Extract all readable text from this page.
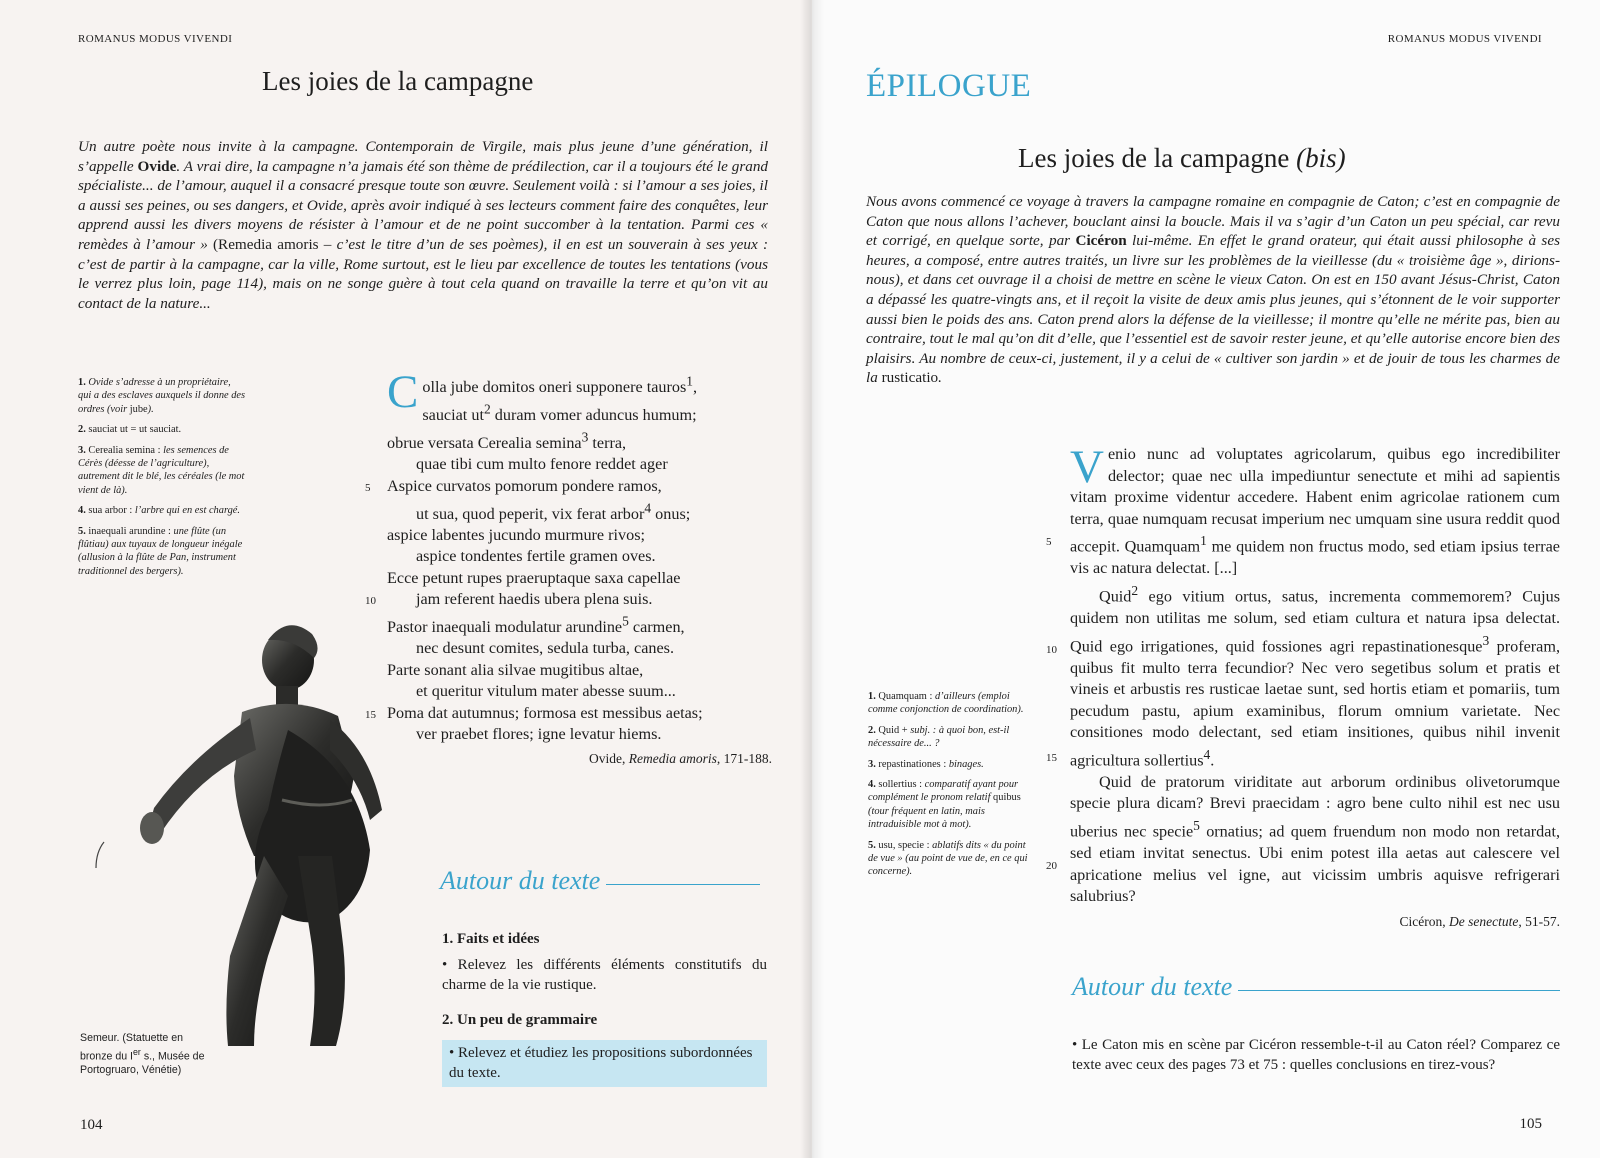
ROMANUS MODUS VIVENDI
Les joies de la campagne

Un autre poète nous invite à la campagne. Contemporain de Virgile, mais plus jeune d’une génération, il s’appelle Ovide. A vrai dire, la campagne n’a jamais été son thème de prédilection, car il a toujours été le grand spécialiste... de l’amour, auquel il a consacré presque toute son œuvre. Seulement voilà : si l’amour a ses joies, il a aussi ses peines, ou ses dangers, et Ovide, après avoir indiqué à ses lecteurs comment faire des conquêtes, leur apprend aussi les divers moyens de résister à l’amour et de ne point succomber à la tentation. Parmi ces « remèdes à l’amour » (Remedia amoris – c’est le titre d’un de ses poèmes), il en est un souverain à ses yeux : c’est de partir à la campagne, car la ville, Rome surtout, est le lieu par excellence de toutes les tentations (vous le verrez plus loin, page 114), mais on ne songe guère à tout cela quand on travaille la terre et qu’on vit au contact de la nature...

1. Ovide s’adresse à un propriétaire, qui a des esclaves auxquels il donne des ordres (voir jube).
2. sauciat ut = ut sauciat.
3. Cerealia semina : les semences de Cérès (déesse de l’agriculture), autrement dit le blé, les céréales (le mot vient de là).
4. sua arbor : l’arbre qui en est chargé.
5. inaequali arundine : une flûte (un flûtiau) aux tuyaux de longueur inégale (allusion à la flûte de Pan, instrument traditionnel des bergers).
C olla jube domitos oneri supponere tauros$^1$,
sauciat $ut^2$ duram vomer aduncus humum;
obrue versata Cerealia semina$^3$ terra,
quae tibi cum multo fenore reddet ager
5 Aspice curvatos pomorum pondere ramos,
ut sua, quod peperit, vix ferat arbor$^4$ onus;
aspice labentes jucundo murmure rivos;
aspice tondentes fertile gramen oves.
Ecce petunt rupes praeruptaque saxa capellae
10 jam referent haedis ubera plena suis.
Pastor inaequali modulatur arundine$^5$ carmen,
nec desunt comites, sedula turba, canes.
Parte sonant alia silvae mugitibus altae,
et queritur vitulum mater abesse suum...
15 Poma dat autumnus; formosa est messibus aetas;
ver praebet flores; igne levatur hiems.
Ovide, Remedia amoris, 171-188.
Semeur. (Statuette en bronze du Ier s., Musée de Portogruaro, Vénétie)
Autour du texte
1. Faits et idées
• Relevez les différents éléments constitutifs du charme de la vie rustique.
2. Un peu de grammaire
• Relevez et étudiez les propositions subordonnées du texte.
104
ROMANUS MODUS VIVENDI
ÉPILOGUE
Les joies de la campagne (bis)

Nous avons commencé ce voyage à travers la campagne romaine en compagnie de Caton; c’est en compagnie de Caton que nous allons l’achever, bouclant ainsi la boucle. Mais il va s’agir d’un Caton un peu spécial, car revu et corrigé, en quelque sorte, par Cicéron lui-même. En effet le grand orateur, qui était aussi philosophe à ses heures, a composé, entre autres traités, un livre sur les problèmes de la vieillesse (du « troisième âge », dirions-nous), et dans cet ouvrage il a choisi de mettre en scène le vieux Caton. On est en 150 avant Jésus-Christ, Caton a dépassé les quatre-vingts ans, et il reçoit la visite de deux amis plus jeunes, qui s’étonnent de le voir supporter aussi bien le poids des ans. Caton prend alors la défense de la vieillesse; il montre qu’elle ne mérite pas, bien au contraire, tout le mal qu’on dit d’elle, que l’essentiel est de savoir rester jeune, et qu’elle autorise encore bien des plaisirs. Au nombre de ceux-ci, justement, il y a celui de « cultiver son jardin » et de jouir de tous les charmes de la rusticatio.

V enio nunc ad voluptates agricolarum, quibus ego incredibiliter delector; quae nec ulla impediuntur senectute et mihi ad sapientis vitam proxime videntur accedere. Habent enim agricolae rationem cum terra, quae numquam recusat imperium nec umquam sine usura reddit quod accepit. Quamquam$^1$ me quidem non fructus modo, sed etiam ipsius terrae vis ac natura delectat. [...]

Quid$^2$ ego vitium ortus, satus, incrementa commemorem? Cujus quidem non utilitas me solum, sed etiam cultura et natura ipsa delectat. Quid ego irrigationes, quid fossiones agri repastinationesque$^3$ proferam, quibus fit multo terra fecundior? Nec vero segetibus solum et pratis et vineis et arbustis res rusticae laetae sunt, sed hortis etiam et pomariis, tum pecudum pastu, apium examinibus, florum omnium varietate. Nec consitiones modo delectant, sed etiam insitiones, quibus nihil invenit agricultura sollertius$^4$.

Quid de pratorum viriditate aut arborum ordinibus olivetorumque specie plura dicam? Brevi praecidam : agro bene culto nihil est nec usu uberius nec specie$^5$ ornatius; ad quem fruendum non modo non retardat, sed etiam invitat senectus. Ubi enim potest illa aetas aut calescere vel apricatione melius vel igne, aut vicissim umbris aquisve refrigerari salubrius?

5
10
15
20
Cicéron, De senectute, 51-57.
1. Quamquam : d’ailleurs (emploi comme conjonction de coordination).
2. Quid + subj. : à quoi bon, est-il nécessaire de... ?
3. repastinationes : binages.
4. sollertius : comparatif ayant pour complément le pronom relatif quibus (tour fréquent en latin, mais intraduisible mot à mot).
5. usu, specie : ablatifs dits « du point de vue » (au point de vue de, en ce qui concerne).
Autour du texte
• Le Caton mis en scène par Cicéron ressemble-t-il au Caton réel? Comparez ce texte avec ceux des pages 73 et 75 : quelles conclusions en tirez-vous?
105
